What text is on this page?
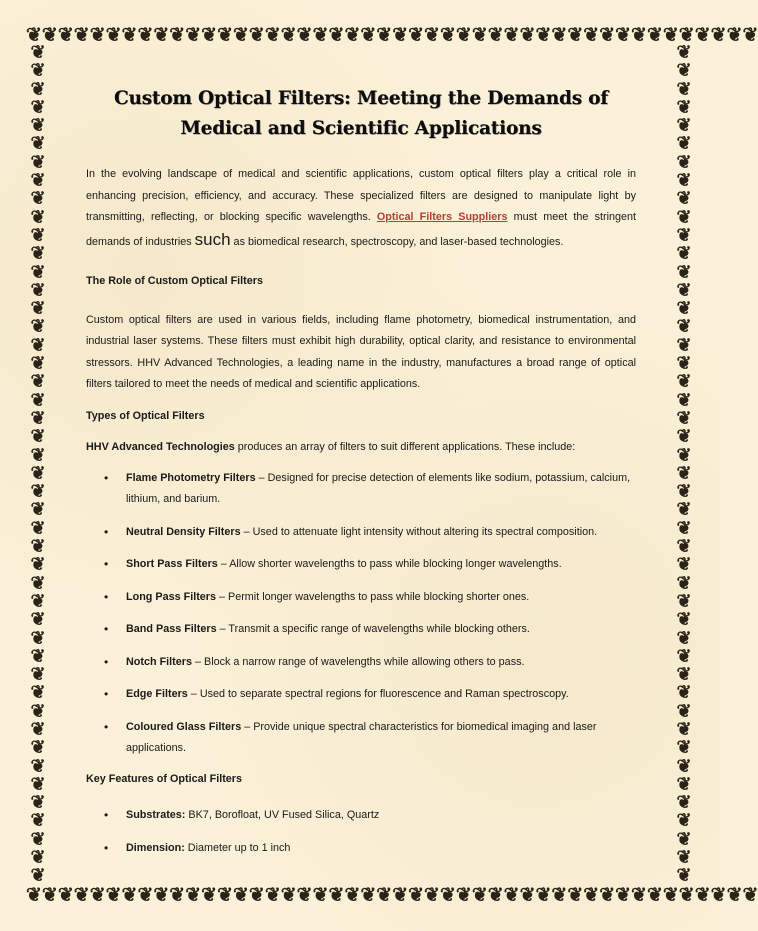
❦ ❦ ❦ ❦ ❦ ❦ ❦ ❦ ❦ ❦ ❦ ❦ ❦ ❦ ❦ ❦ ❦ ❦ ❦ ❦ ❦ ❦ ❦ ❦ ❦ ❦ ❦ ❦ ❦ ❦ ❦ ❦ ❦ ❦ ❦ ❦ ❦ ❦ ❦ ❦ ❦ ❦ ❦ ❦ ❦ ❦
❦ ❦ ❦ ❦ ❦ ❦ ❦ ❦ ❦ ❦ ❦ ❦ ❦ ❦ ❦ ❦ ❦ ❦ ❦ ❦ ❦ ❦ ❦ ❦ ❦ ❦ ❦ ❦ ❦ ❦ ❦ ❦ ❦ ❦ ❦ ❦ ❦ ❦ ❦ ❦ ❦ ❦ ❦ ❦ ❦ ❦
❦
❦
❦
❦
❦
❦
❦
❦
❦
❦
❦
❦
❦
❦
❦
❦
❦
❦
❦
❦
❦
❦
❦
❦
❦
❦
❦
❦
❦
❦
❦
❦
❦
❦
❦
❦
❦
❦
❦
❦
❦
❦
❦
❦
❦
❦
❦
❦
❦
❦
❦
❦
❦
❦
❦
❦
❦
❦
❦
❦
❦
❦
❦
❦
❦
❦
❦
❦
❦
❦
❦
❦
❦
❦
❦
❦
❦
❦
❦
❦
❦
❦
❦
❦
❦
❦
❦
❦
❦
❦
❦
❦
Custom Optical Filters: Meeting the Demands of
Medical and Scientific Applications

In the evolving landscape of medical and scientific applications, custom optical filters play a critical role in enhancing precision, efficiency, and accuracy. These specialized filters are designed to manipulate light by transmitting, reflecting, or blocking specific wavelengths. Optical Filters Suppliers must meet the stringent demands of industries such as biomedical research, spectroscopy, and laser-based technologies.

The Role of Custom Optical Filters

Custom optical filters are used in various fields, including flame photometry, biomedical instrumentation, and industrial laser systems. These filters must exhibit high durability, optical clarity, and resistance to environmental stressors. HHV Advanced Technologies, a leading name in the industry, manufactures a broad range of optical filters tailored to meet the needs of medical and scientific applications.

Types of Optical Filters

HHV Advanced Technologies produces an array of filters to suit different applications. These include:

• Flame Photometry Filters – Designed for precise detection of elements like sodium, potassium, calcium, lithium, and barium.
• Neutral Density Filters – Used to attenuate light intensity without altering its spectral composition.
• Short Pass Filters – Allow shorter wavelengths to pass while blocking longer wavelengths.
• Long Pass Filters – Permit longer wavelengths to pass while blocking shorter ones.
• Band Pass Filters – Transmit a specific range of wavelengths while blocking others.
• Notch Filters – Block a narrow range of wavelengths while allowing others to pass.
• Edge Filters – Used to separate spectral regions for fluorescence and Raman spectroscopy.
• Coloured Glass Filters – Provide unique spectral characteristics for biomedical imaging and laser applications.

Key Features of Optical Filters

• Substrates: BK7, Borofloat, UV Fused Silica, Quartz
• Dimension: Diameter up to 1 inch
